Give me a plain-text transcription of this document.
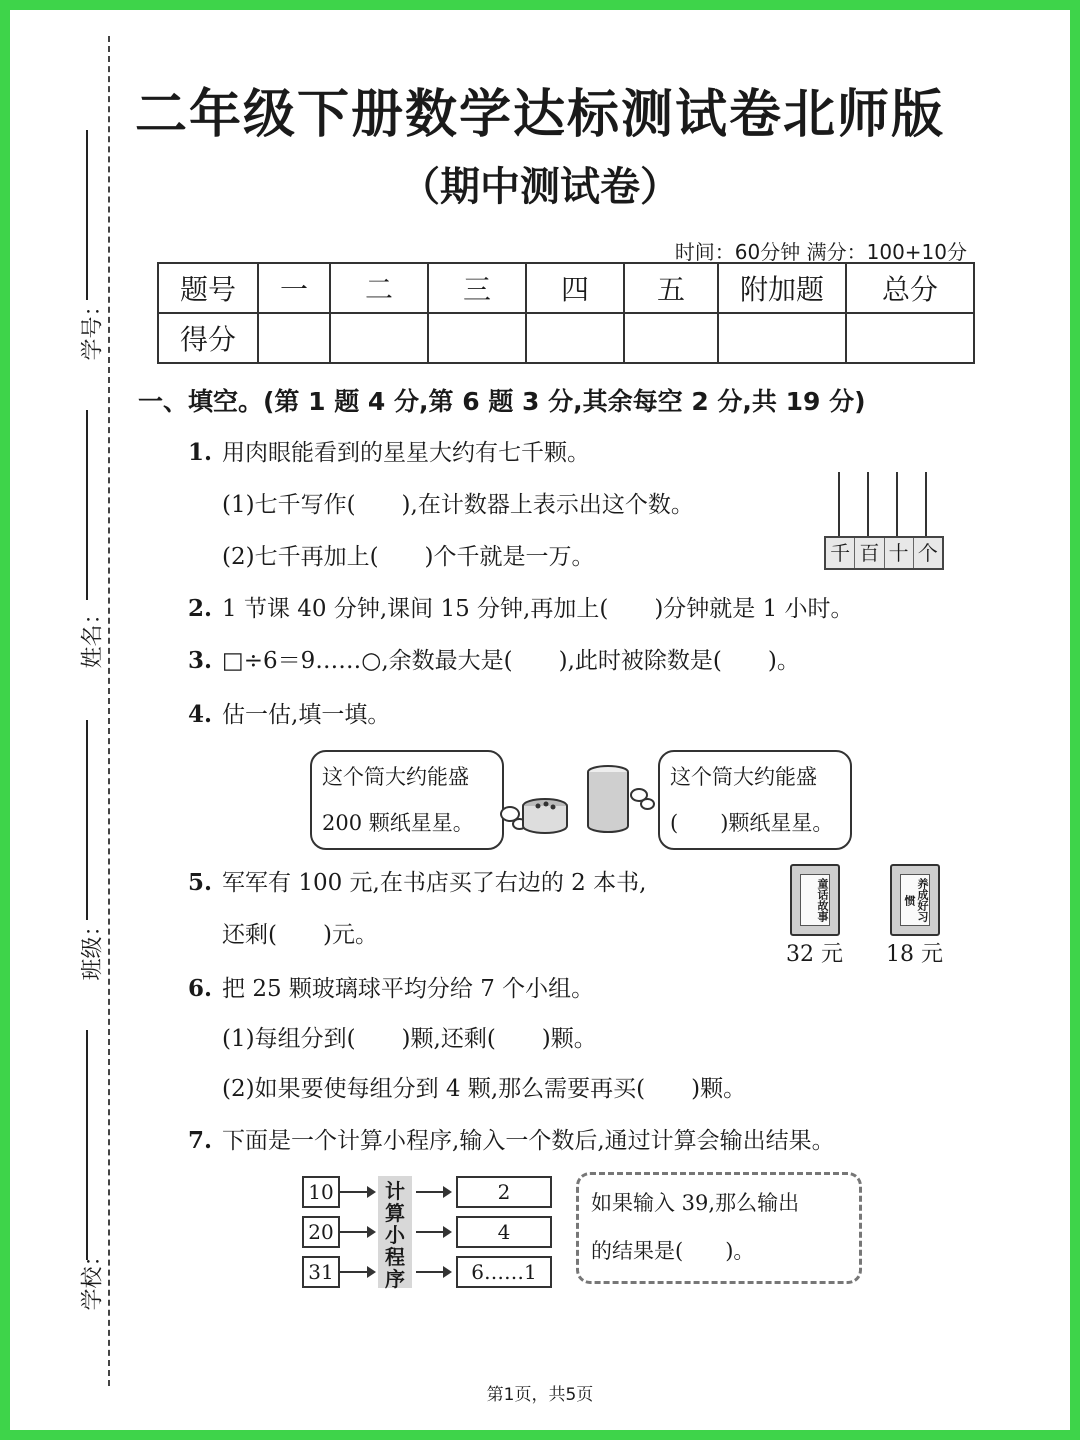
学号：
姓名：
班级：
学校：
二年级下册数学达标测试卷北师版
（期中测试卷）
时间：60分钟 满分：100+10分
题号	一	二	三	四	五	附加题	总分
得分							
一、填空。(第 1 题 4 分,第 6 题 3 分,其余每空 2 分,共 19 分)
1. 用肉眼能看到的星星大约有七千颗。
(1)七千写作(　　),在计数器上表示出这个数。
(2)七千再加上(　　)个千就是一万。	千 百 十 个
2. 1 节课 40 分钟,课间 15 分钟,再加上(　　)分钟就是 1 小时。
3. □÷6＝9……○,余数最大是(　　),此时被除数是(　　)。
4. 估一估,填一填。
这个筒大约能盛
200 颗纸星星。
这个筒大约能盛
(　　)颗纸星星。
5. 军军有 100 元,在书店买了右边的 2 本书,
还剩(　　)元。
童话故事	养成好习惯
32 元 18 元
6. 把 25 颗玻璃球平均分给 7 个小组。
(1)每组分到(　　)颗,还剩(　　)颗。
(2)如果要使每组分到 4 颗,那么需要再买(　　)颗。
7. 下面是一个计算小程序,输入一个数后,通过计算会输出结果。
10
20
31
计算小程序
2
4
6……1
如果输入 39,那么输出
的结果是(　　)。
第1页，共5页
